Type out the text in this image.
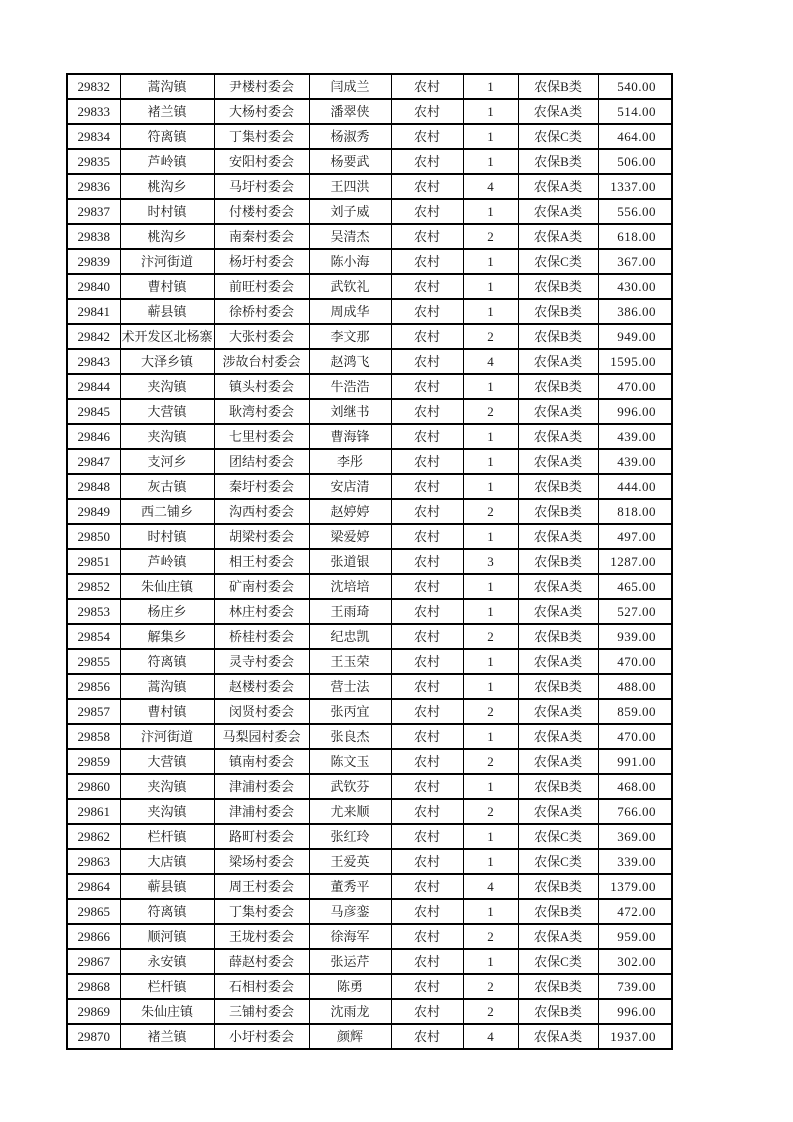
29832	蒿沟镇	尹楼村委会	闫成兰	农村	1	农保B类	540.00
29833	褚兰镇	大杨村委会	潘翠侠	农村	1	农保A类	514.00
29834	符离镇	丁集村委会	杨淑秀	农村	1	农保C类	464.00
29835	芦岭镇	安阳村委会	杨要武	农村	1	农保B类	506.00
29836	桃沟乡	马圩村委会	王四洪	农村	4	农保A类	1337.00
29837	时村镇	付楼村委会	刘子威	农村	1	农保A类	556.00
29838	桃沟乡	南秦村委会	吴清杰	农村	2	农保A类	618.00
29839	汴河街道	杨圩村委会	陈小海	农村	1	农保C类	367.00
29840	曹村镇	前旺村委会	武钦礼	农村	1	农保B类	430.00
29841	蕲县镇	徐桥村委会	周成华	农村	1	农保B类	386.00
29842	术开发区北杨寨	大张村委会	李文那	农村	2	农保B类	949.00
29843	大泽乡镇	涉故台村委会	赵鸿飞	农村	4	农保A类	1595.00
29844	夹沟镇	镇头村委会	牛浩浩	农村	1	农保B类	470.00
29845	大营镇	耿湾村委会	刘继书	农村	2	农保A类	996.00
29846	夹沟镇	七里村委会	曹海锋	农村	1	农保A类	439.00
29847	支河乡	团结村委会	李彤	农村	1	农保A类	439.00
29848	灰古镇	秦圩村委会	安店清	农村	1	农保B类	444.00
29849	西二铺乡	沟西村委会	赵婷婷	农村	2	农保B类	818.00
29850	时村镇	胡梁村委会	梁爱婷	农村	1	农保A类	497.00
29851	芦岭镇	相王村委会	张道银	农村	3	农保B类	1287.00
29852	朱仙庄镇	矿南村委会	沈培培	农村	1	农保A类	465.00
29853	杨庄乡	林庄村委会	王雨琦	农村	1	农保A类	527.00
29854	解集乡	桥桂村委会	纪忠凯	农村	2	农保B类	939.00
29855	符离镇	灵寺村委会	王玉荣	农村	1	农保A类	470.00
29856	蒿沟镇	赵楼村委会	营士法	农村	1	农保B类	488.00
29857	曹村镇	闵贤村委会	张丙宜	农村	2	农保A类	859.00
29858	汴河街道	马梨园村委会	张良杰	农村	1	农保A类	470.00
29859	大营镇	镇南村委会	陈文玉	农村	2	农保A类	991.00
29860	夹沟镇	津浦村委会	武钦芬	农村	1	农保B类	468.00
29861	夹沟镇	津浦村委会	尤来顺	农村	2	农保A类	766.00
29862	栏杆镇	路町村委会	张红玲	农村	1	农保C类	369.00
29863	大店镇	梁场村委会	王爱英	农村	1	农保C类	339.00
29864	蕲县镇	周王村委会	董秀平	农村	4	农保B类	1379.00
29865	符离镇	丁集村委会	马彦銮	农村	1	农保B类	472.00
29866	顺河镇	王垅村委会	徐海军	农村	2	农保A类	959.00
29867	永安镇	薛赵村委会	张运芹	农村	1	农保C类	302.00
29868	栏杆镇	石相村委会	陈勇	农村	2	农保B类	739.00
29869	朱仙庄镇	三铺村委会	沈雨龙	农村	2	农保B类	996.00
29870	褚兰镇	小圩村委会	颜辉	农村	4	农保A类	1937.00
